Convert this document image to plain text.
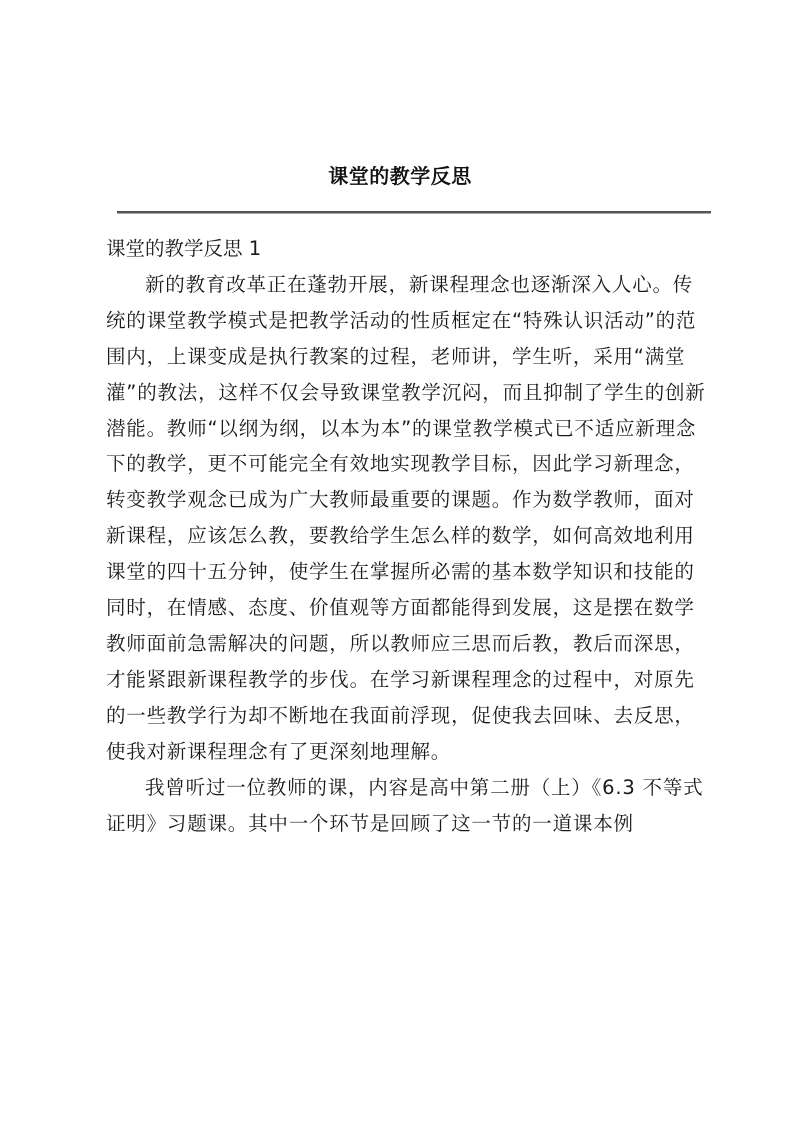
课堂的教学反思
课堂的教学反思 1

新的教育改革正在蓬勃开展，新课程理念也逐渐深入人心。传统的课堂教学模式是把教学活动的性质框定在“特殊认识活动”的范围内，上课变成是执行教案的过程，老师讲，学生听，采用“满堂灌”的教法，这样不仅会导致课堂教学沉闷，而且抑制了学生的创新潜能。教师“以纲为纲，以本为本”的课堂教学模式已不适应新理念下的教学，更不可能完全有效地实现教学目标，因此学习新理念，转变教学观念已成为广大教师最重要的课题。作为数学教师，面对新课程，应该怎么教，要教给学生怎么样的数学，如何高效地利用课堂的四十五分钟，使学生在掌握所必需的基本数学知识和技能的同时，在情感、态度、价值观等方面都能得到发展，这是摆在数学教师面前急需解决的问题，所以教师应三思而后教，教后而深思，才能紧跟新课程教学的步伐。在学习新课程理念的过程中，对原先的一些教学行为却不断地在我面前浮现，促使我去回味、去反思，使我对新课程理念有了更深刻地理解。

我曾听过一位教师的课，内容是高中第二册（上）《6.3 不等式证明》习题课。其中一个环节是回顾了这一节的一道课本例
